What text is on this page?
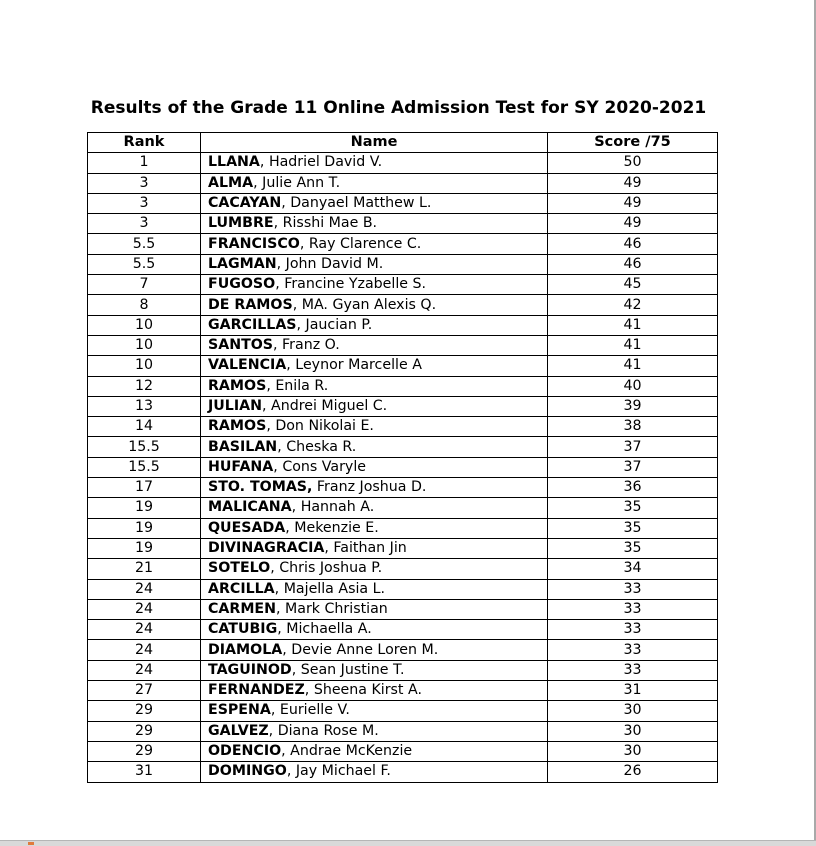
Results of the Grade 11 Online Admission Test for SY 2020-2021
Rank	Name	Score /75
1	LLANA, Hadriel David V.	50
3	ALMA, Julie Ann T.	49
3	CACAYAN, Danyael Matthew L.	49
3	LUMBRE, Risshi Mae B.	49
5.5	FRANCISCO, Ray Clarence C.	46
5.5	LAGMAN, John David M.	46
7	FUGOSO, Francine Yzabelle S.	45
8	DE RAMOS, MA. Gyan Alexis Q.	42
10	GARCILLAS, Jaucian P.	41
10	SANTOS, Franz O.	41
10	VALENCIA, Leynor Marcelle A	41
12	RAMOS, Enila R.	40
13	JULIAN, Andrei Miguel C.	39
14	RAMOS, Don Nikolai E.	38
15.5	BASILAN, Cheska R.	37
15.5	HUFANA, Cons Varyle	37
17	STO. TOMAS, Franz Joshua D.	36
19	MALICANA, Hannah A.	35
19	QUESADA, Mekenzie E.	35
19	DIVINAGRACIA, Faithan Jin	35
21	SOTELO, Chris Joshua P.	34
24	ARCILLA, Majella Asia L.	33
24	CARMEN, Mark Christian	33
24	CATUBIG, Michaella A.	33
24	DIAMOLA, Devie Anne Loren M.	33
24	TAGUINOD, Sean Justine T.	33
27	FERNANDEZ, Sheena Kirst A.	31
29	ESPENA, Eurielle V.	30
29	GALVEZ, Diana Rose M.	30
29	ODENCIO, Andrae McKenzie	30
31	DOMINGO, Jay Michael F.	26
